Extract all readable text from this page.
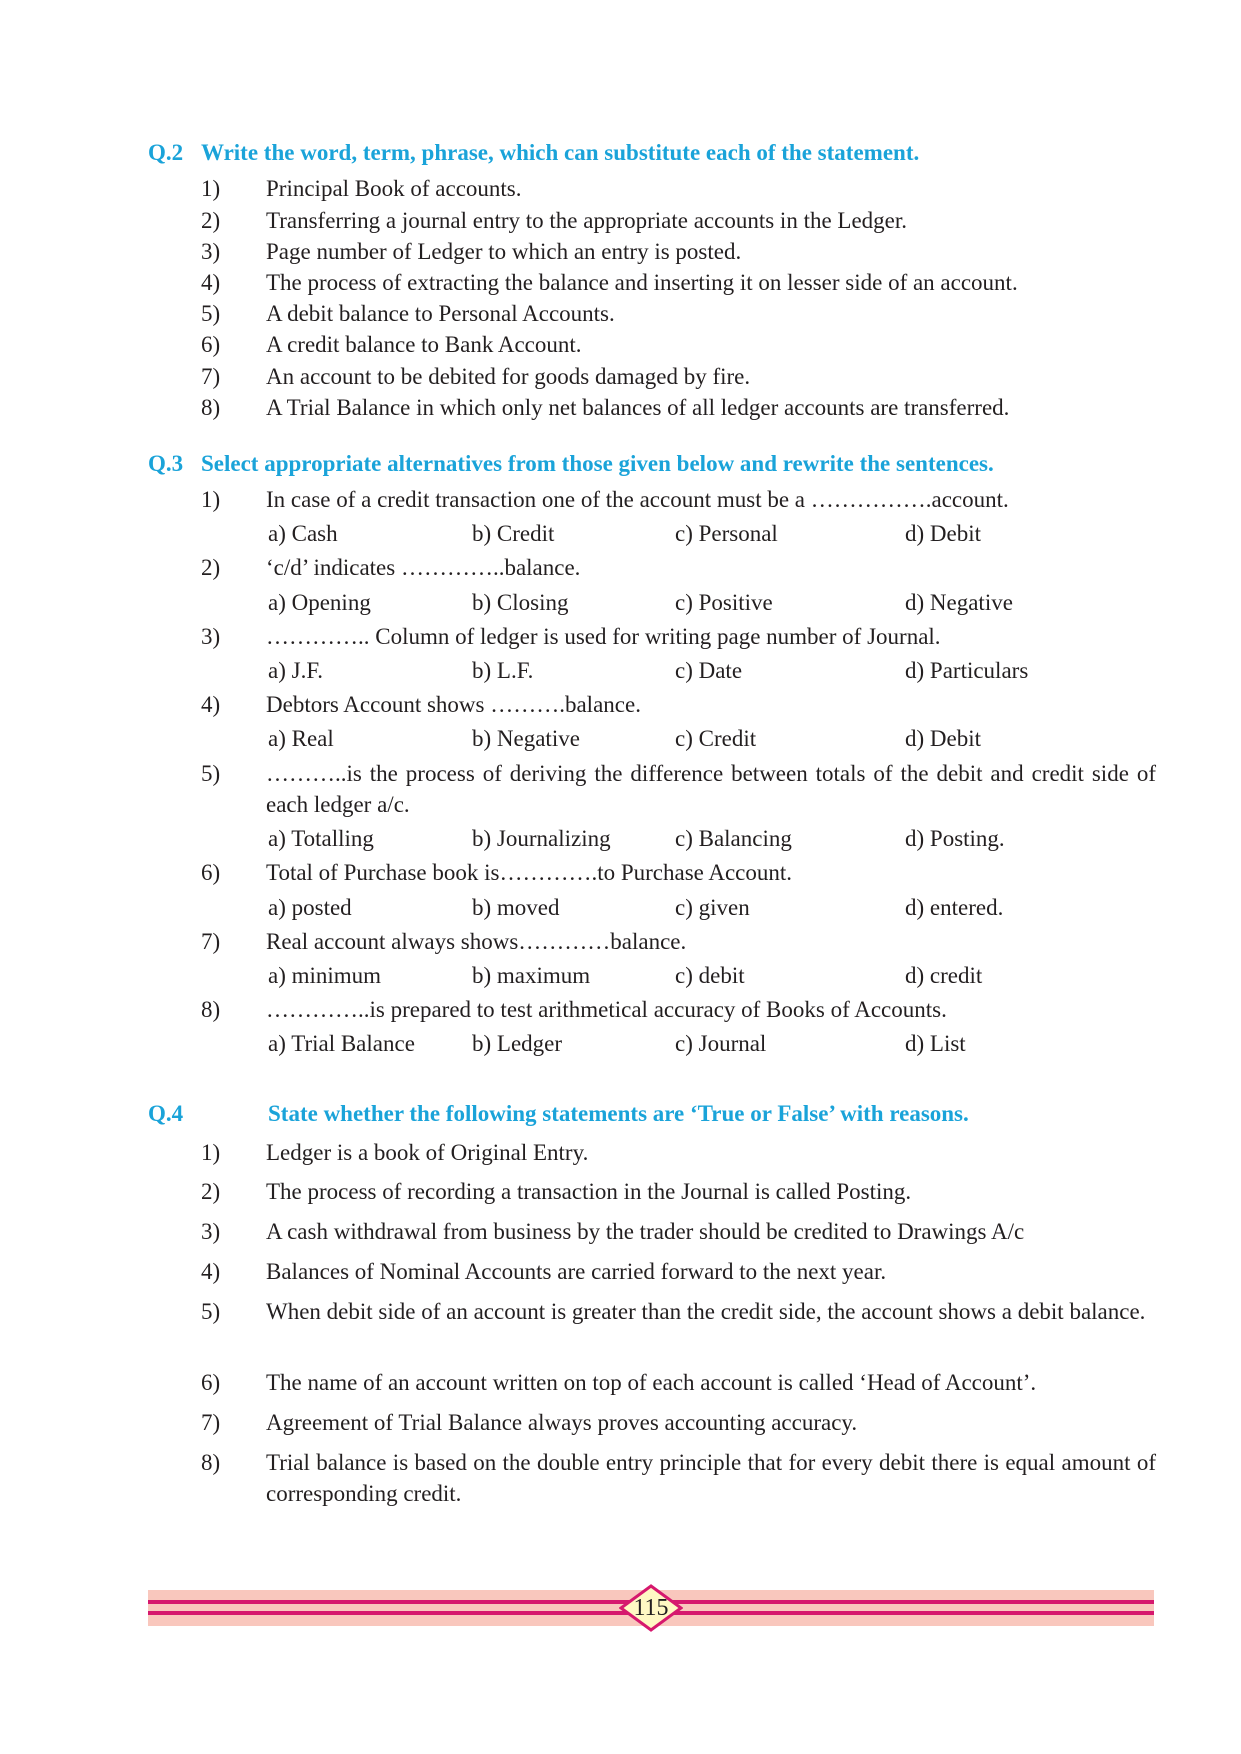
Q.2 Write the word, term, phrase, which can substitute each of the statement.
1) Principal Book of accounts.
2) Transferring a journal entry to the appropriate accounts in the Ledger.
3) Page number of Ledger to which an entry is posted.
4) The process of extracting the balance and inserting it on lesser side of an account.
5) A debit balance to Personal Accounts.
6) A credit balance to Bank Account.
7) An account to be debited for goods damaged by fire.
8) A Trial Balance in which only net balances of all ledger accounts are transferred.
Q.3 Select appropriate alternatives from those given below and rewrite the sentences.
1) In case of a credit transaction one of the account must be a …………….account.
a) Cash	b) Credit	c) Personal	d) Debit
2) ‘c/d’ indicates …………..balance.
a) Opening	b) Closing	c) Positive	d) Negative
3) ………….. Column of ledger is used for writing page number of Journal.
a) J.F.	b) L.F.	c) Date	d) Particulars
4) Debtors Account shows ……….balance.
a) Real	b) Negative	c) Credit	d) Debit
5) ………..is the process of deriving the difference between totals of the debit and credit side of each ledger a/c.
a) Totalling	b) Journalizing	c) Balancing	d) Posting.
6) Total of Purchase book is………….to Purchase Account.
a) posted	b) moved	c) given	d) entered.
7) Real account always shows…………balance.
a) minimum	b) maximum	c) debit	d) credit
8) …………..is prepared to test arithmetical accuracy of Books of Accounts.
a) Trial Balance b) Ledger	c) Journal	d) List
Q.4	State whether the following statements are ‘True or False’ with reasons.
1) Ledger is a book of Original Entry.
2) The process of recording a transaction in the Journal is called Posting.
3) A cash withdrawal from business by the trader should be credited to Drawings A/c
4) Balances of Nominal Accounts are carried forward to the next year.
5) When debit side of an account is greater than the credit side, the account shows a debit balance.
6) The name of an account written on top of each account is called ‘Head of Account’.
7) Agreement of Trial Balance always proves accounting accuracy.
8) Trial balance is based on the double entry principle that for every debit there is equal amount of corresponding credit.
115
